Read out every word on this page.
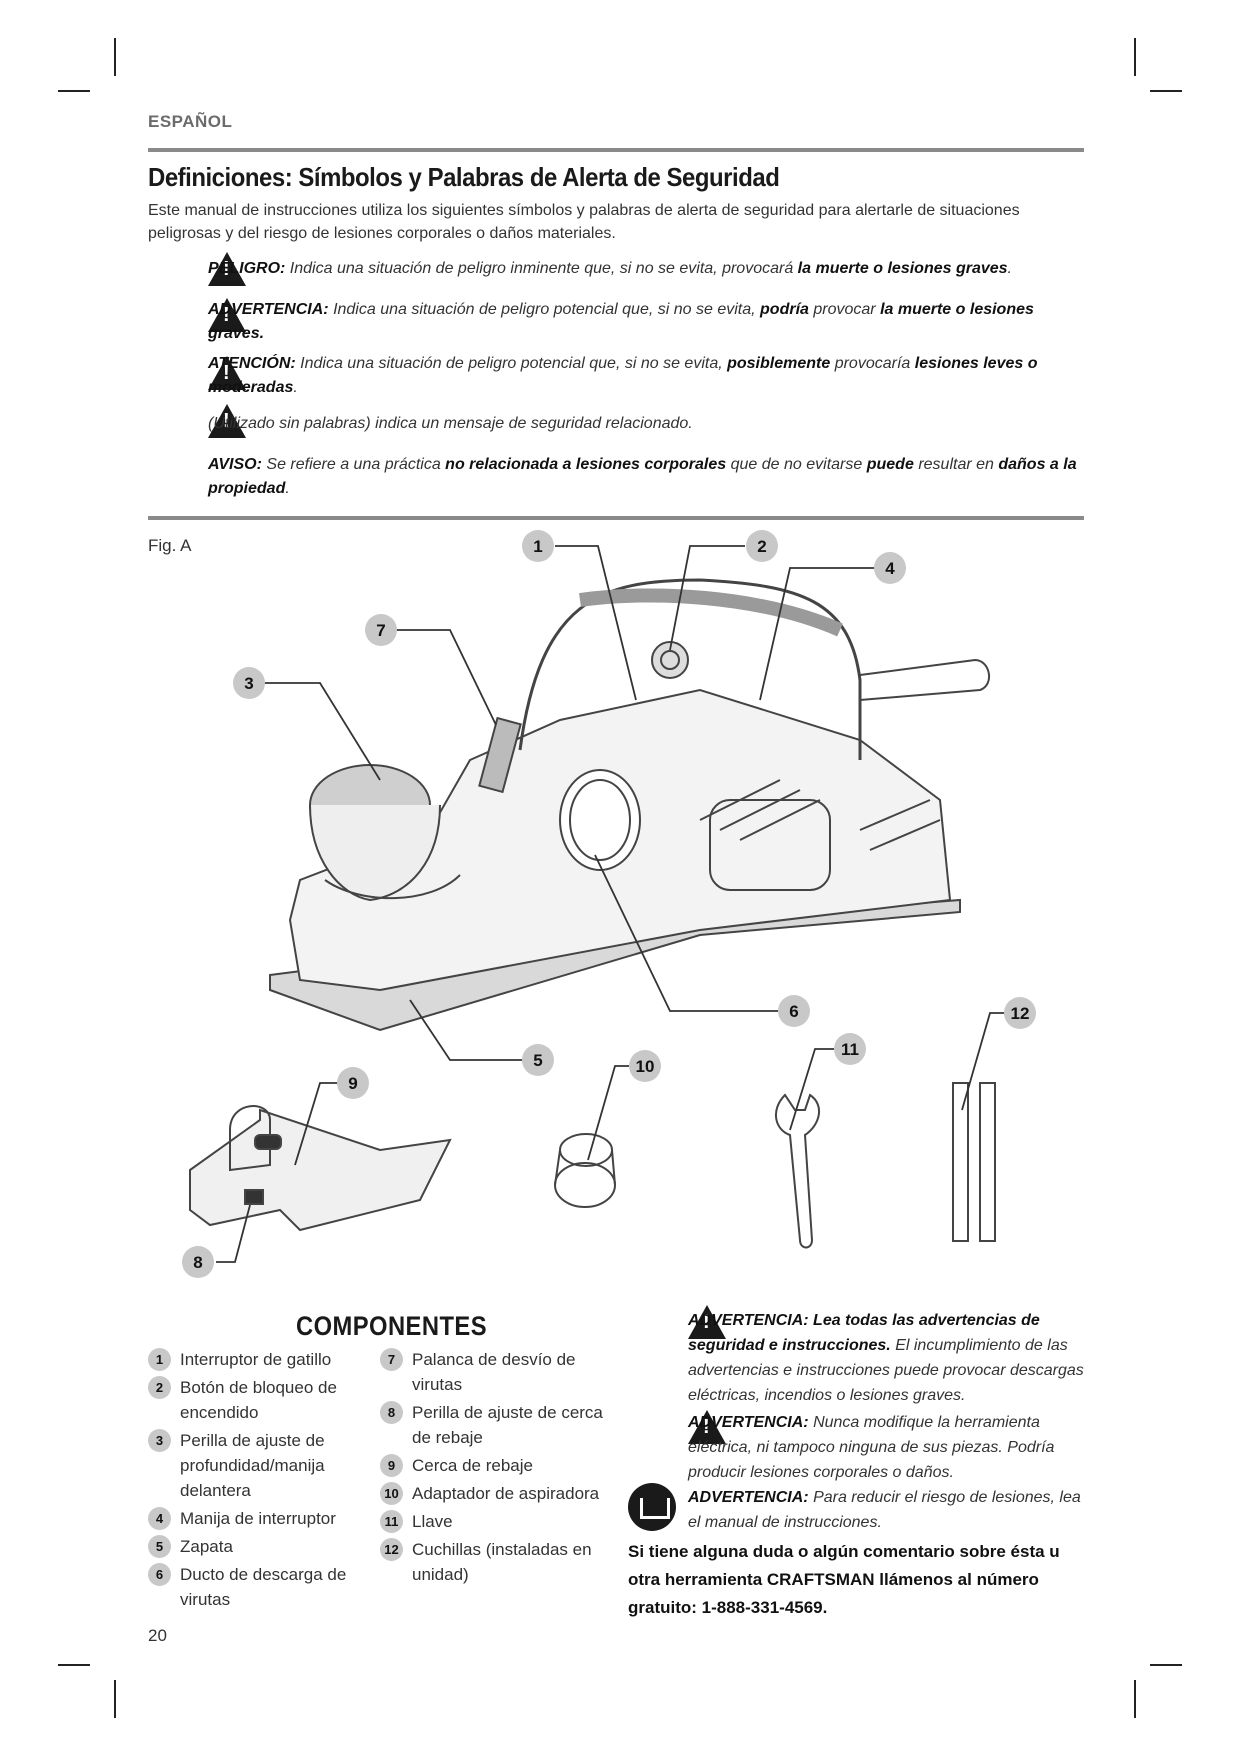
ESPAÑOL
Definiciones: Símbolos y Palabras de Alerta de Seguridad
Este manual de instrucciones utiliza los siguientes símbolos y palabras de alerta de seguridad para alertarle de situaciones peligrosas y del riesgo de lesiones corporales o daños materiales.
!
PELIGRO: Indica una situación de peligro inminente que, si no se evita, provocará la muerte o lesiones graves.
!
ADVERTENCIA: Indica una situación de peligro potencial que, si no se evita, podría provocar la muerte o lesiones graves.
!
ATENCIÓN: Indica una situación de peligro potencial que, si no se evita, posiblemente provocaría lesiones leves o moderadas.
!
(Utilizado sin palabras) indica un mensaje de seguridad relacionado.
AVISO: Se refiere a una práctica no relacionada a lesiones corporales que de no evitarse puede resultar en daños a la propiedad.
Fig. A	1	2
3
4
5
6
7
8
9
10
11
12
COMPONENTES
1 Interruptor de gatillo
2 Botón de bloqueo de encendido
3 Perilla de ajuste de profundidad/manija delantera
4 Manija de interruptor
5 Zapata
6 Ducto de descarga de virutas
7 Palanca de desvío de virutas
8 Perilla de ajuste de cerca de rebaje
9 Cerca de rebaje
10 Adaptador de aspiradora
11 Llave
12 Cuchillas (instaladas en unidad)
!
ADVERTENCIA: Lea todas las advertencias de seguridad e instrucciones. El incumplimiento de las advertencias e instrucciones puede provocar descargas eléctricas, incendios o lesiones graves.
!
ADVERTENCIA: Nunca modifique la herramienta eléctrica, ni tampoco ninguna de sus piezas. Podría producir lesiones corporales o daños.
ADVERTENCIA: Para reducir el riesgo de lesiones, lea el manual de instrucciones.
Si tiene alguna duda o algún comentario sobre ésta u otra herramienta CRAFTSMAN llámenos al número gratuito: 1-888-331-4569.
20
